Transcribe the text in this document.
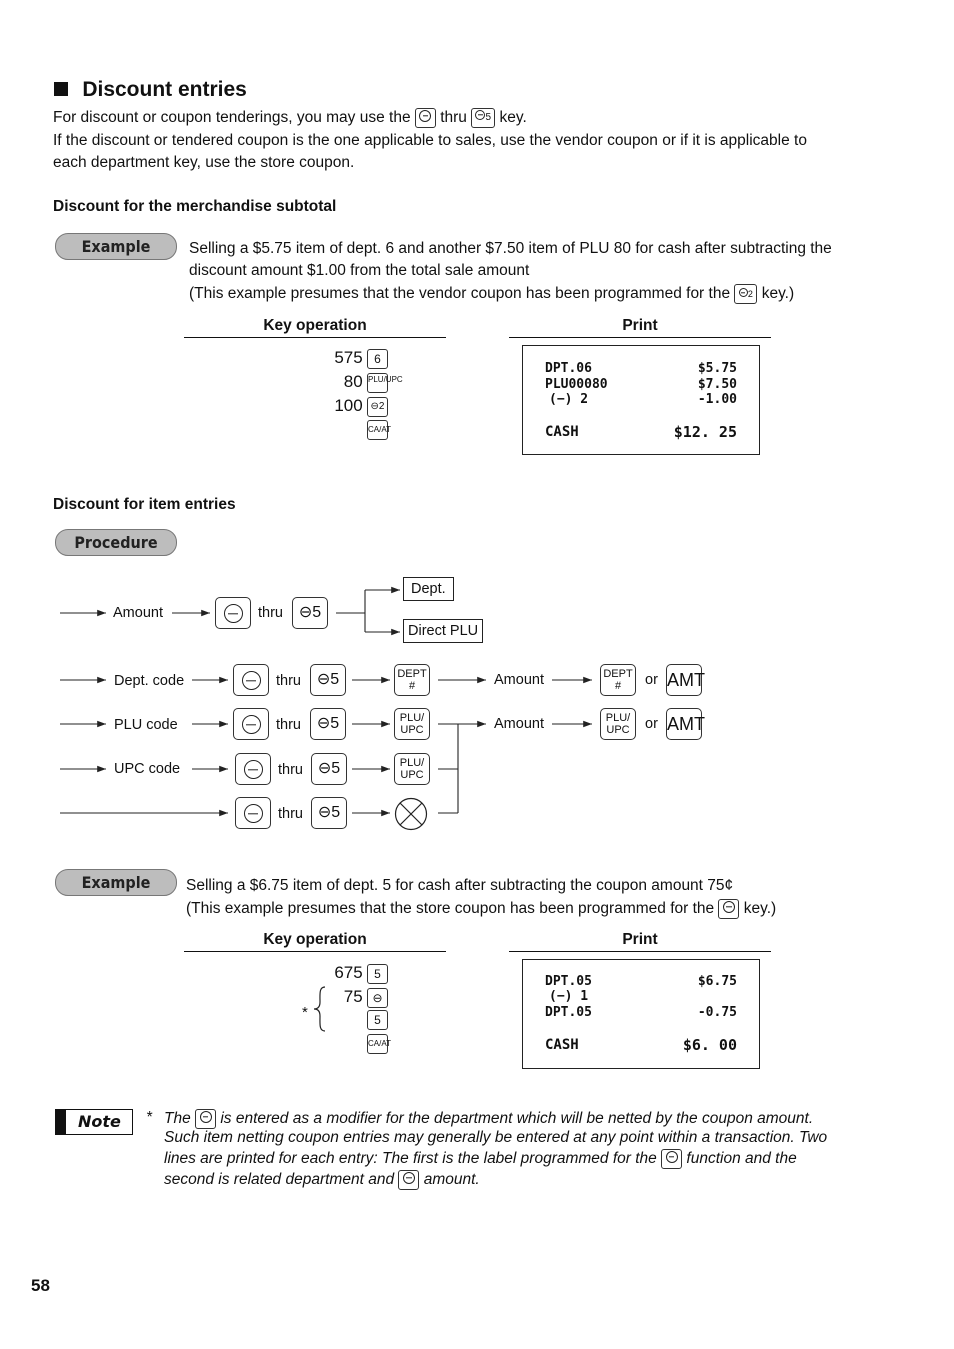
Discount entries
For discount or coupon tenderings, you may use the thru 5 key.
If the discount or tendered coupon is the one applicable to sales, use the vendor coupon or if it is applicable to
each department key, use the store coupon.
Discount for the merchandise subtotal
Example	Selling a $5.75 item of dept. 6 and another $7.50 item of PLU 80 for cash after subtracting the
discount amount $1.00 from the total sale amount
(This example presumes that the vendor coupon has been programmed for the 2 key.)
Key operation	Print
575 6
80 PLU/UPC
100 ⊖2
CA/AT
DPT.06	$5.75
PLU00080	$7.50
(−) 2	-1.00
CASH	$12. 25
Discount for item entries
Procedure
Amount	thru ⊖5
Dept.
Direct PLU
Dept. code	thru ⊖5	DEPT #	Amount	DEPT #	or AMT
PLU code	thru ⊖5	PLU/ UPC	Amount	PLU/ UPC	or AMT
UPC code	thru ⊖5	PLU/ UPC
thru ⊖5
Example	Selling a $6.75 item of dept. 5 for cash after subtracting the coupon amount 75¢
(This example presumes that the store coupon has been programmed for the key.)
Key operation	Print
675 5
75 ⊖
5
CA/AT
*
DPT.05	$6.75
(−) 1
DPT.05	-0.75
CASH	$6. 00
Note * The is entered as a modifier for the department which will be netted by the coupon amount.
Such item netting coupon entries may generally be entered at any point within a transaction. Two
lines are printed for each entry: The first is the label programmed for the function and the
second is related department and amount.
58
